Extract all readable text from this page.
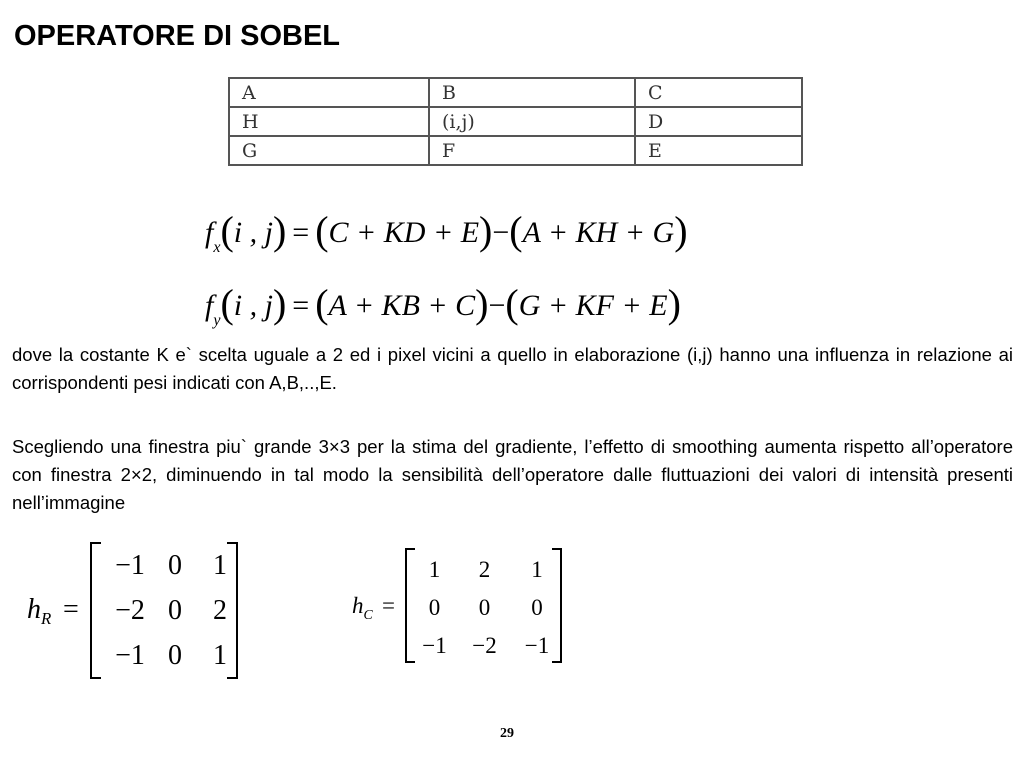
OPERATORE DI SOBEL
A	B	C
H	(i,j)	D
G	F	E
$f_x(i$ , j) = (C + KD + E)−(A + KH + G)
$f_y(i$ , j) = (A + KB + C)−(G + KF + E)
dove la costante K e` scelta uguale a 2 ed i pixel vicini a quello in elaborazione (i,j) hanno una influenza in relazione ai corrispondenti pesi indicati con A,B,..,E.
Scegliendo una finestra piu` grande 3×3 per la stima del gradiente, l’effetto di smoothing aumenta rispetto all’operatore con finestra 2×2, diminuendo in tal modo la sensibilità dell’operatore dalle fluttuazioni dei valori di intensità presenti nell’immagine
$h_R$ =
−1 0	1
−2 0	2
−1 0	1
$h_C$ =
1	2	1
0	0	0
−1	−2	−1
29
